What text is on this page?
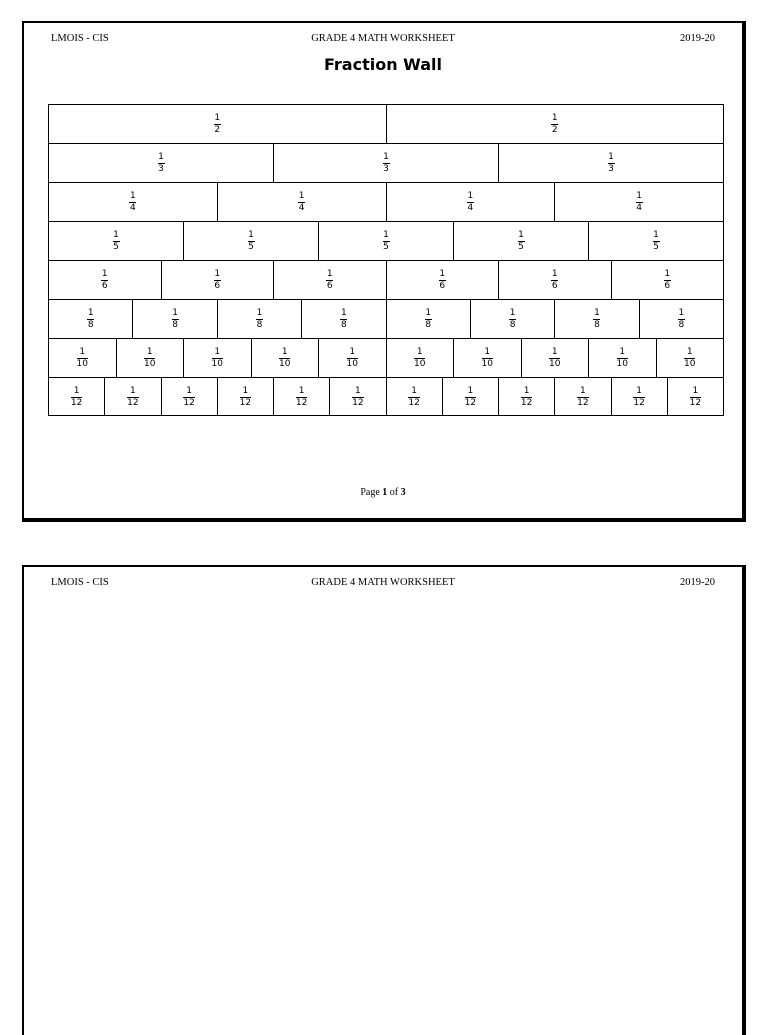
LMOIS - CIS	GRADE 4 MATH WORKSHEET	2019-20
Fraction Wall
$\frac{1}{2}$	$\frac{1}{2}$
$\frac{1}{3}$	$\frac{1}{3}$	$\frac{1}{3}$
$\frac{1}{4}$	$\frac{1}{4}$	$\frac{1}{4}$	$\frac{1}{4}$
$\frac{1}{5}$	$\frac{1}{5}$	$\frac{1}{5}$	$\frac{1}{5}$	$\frac{1}{5}$
$\frac{1}{6}$	$\frac{1}{6}$	$\frac{1}{6}$	$\frac{1}{6}$	$\frac{1}{6}$	$\frac{1}{6}$
$\frac{1}{8}$	$\frac{1}{8}$	$\frac{1}{8}$	$\frac{1}{8}$	$\frac{1}{8}$	$\frac{1}{8}$	$\frac{1}{8}$	$\frac{1}{8}$
$\frac{1}{10}$	$\frac{1}{10}$	$\frac{1}{10}$	$\frac{1}{10}$	$\frac{1}{10}$	$\frac{1}{10}$	$\frac{1}{10}$	$\frac{1}{10}$	$\frac{1}{10}$	$\frac{1}{10}$
$\frac{1}{12}$	$\frac{1}{12}$	$\frac{1}{12}$	$\frac{1}{12}$	$\frac{1}{12}$	$\frac{1}{12}$	$\frac{1}{12}$	$\frac{1}{12}$	$\frac{1}{12}$	$\frac{1}{12}$	$\frac{1}{12}$	$\frac{1}{12}$
Page 1 of 3
LMOIS - CIS	GRADE 4 MATH WORKSHEET	2019-20
